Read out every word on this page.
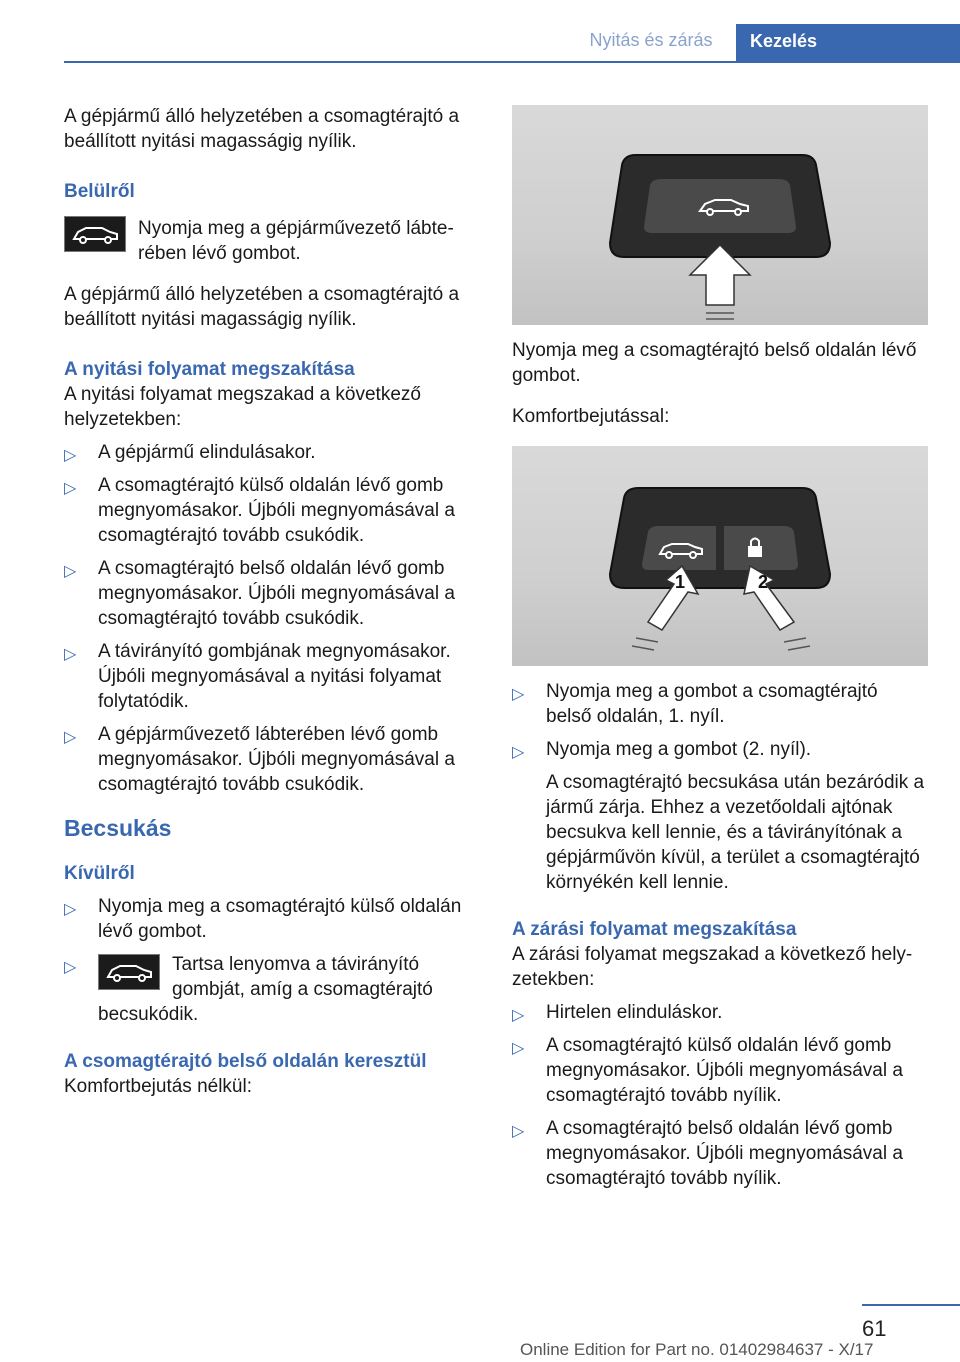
Nyitás és zárás	Kezelés

A gépjármű álló helyzetében a csomagtérajtó a beállított nyitási magasságig nyílik.

Belülről
Nyomja meg a gépjárművezető lábterében lévő gombot.

A gépjármű álló helyzetében a csomagtérajtó a beállított nyitási magasságig nyílik.

A nyitási folyamat megszakítása

A nyitási folyamat megszakad a következő helyzetekben:

▷ A gépjármű elindulásakor.
▷ A csomagtérajtó külső oldalán lévő gomb megnyomásakor. Újbóli megnyomásával a csomagtérajtó tovább csukódik.
▷ A csomagtérajtó belső oldalán lévő gomb megnyomásakor. Újbóli megnyomásával a csomagtérajtó tovább csukódik.
▷ A távirányító gombjának megnyomásakor. Újbóli megnyomásával a nyitási folyamat folytatódik.
▷ A gépjárművezető lábterében lévő gomb megnyomásakor. Újbóli megnyomásával a csomagtérajtó tovább csukódik.
Becsukás
Kívülről
▷ Nyomja meg a csomagtérajtó külső oldalán lévő gombot.
▷	Tartsa lenyomva a távirányító gombját, amíg a csomagtérajtó becsukódik.
A csomagtérajtó belső oldalán keresztül

Komfortbejutás nélkül:

1	2

Nyomja meg a csomagtérajtó belső oldalán lévő gombot.

Komfortbejutással:

▷ Nyomja meg a gombot a csomagtérajtó belső oldalán, 1. nyíl.
▷ Nyomja meg a gombot (2. nyíl).
A csomagtérajtó becsukása után bezáródik a jármű zárja. Ehhez a vezetőoldali ajtónak becsukva kell lennie, és a távirányítónak a gépjárművön kívül, a terület a csomagtérajtó környékén kell lennie.
A zárási folyamat megszakítása

A zárási folyamat megszakad a következő helyzetekben:

▷ Hirtelen elinduláskor.
▷ A csomagtérajtó külső oldalán lévő gomb megnyomásakor. Újbóli megnyomásával a csomagtérajtó tovább nyílik.
▷ A csomagtérajtó belső oldalán lévő gomb megnyomásakor. Újbóli megnyomásával a csomagtérajtó tovább nyílik.
61
Online Edition for Part no. 01402984637 - X/17
